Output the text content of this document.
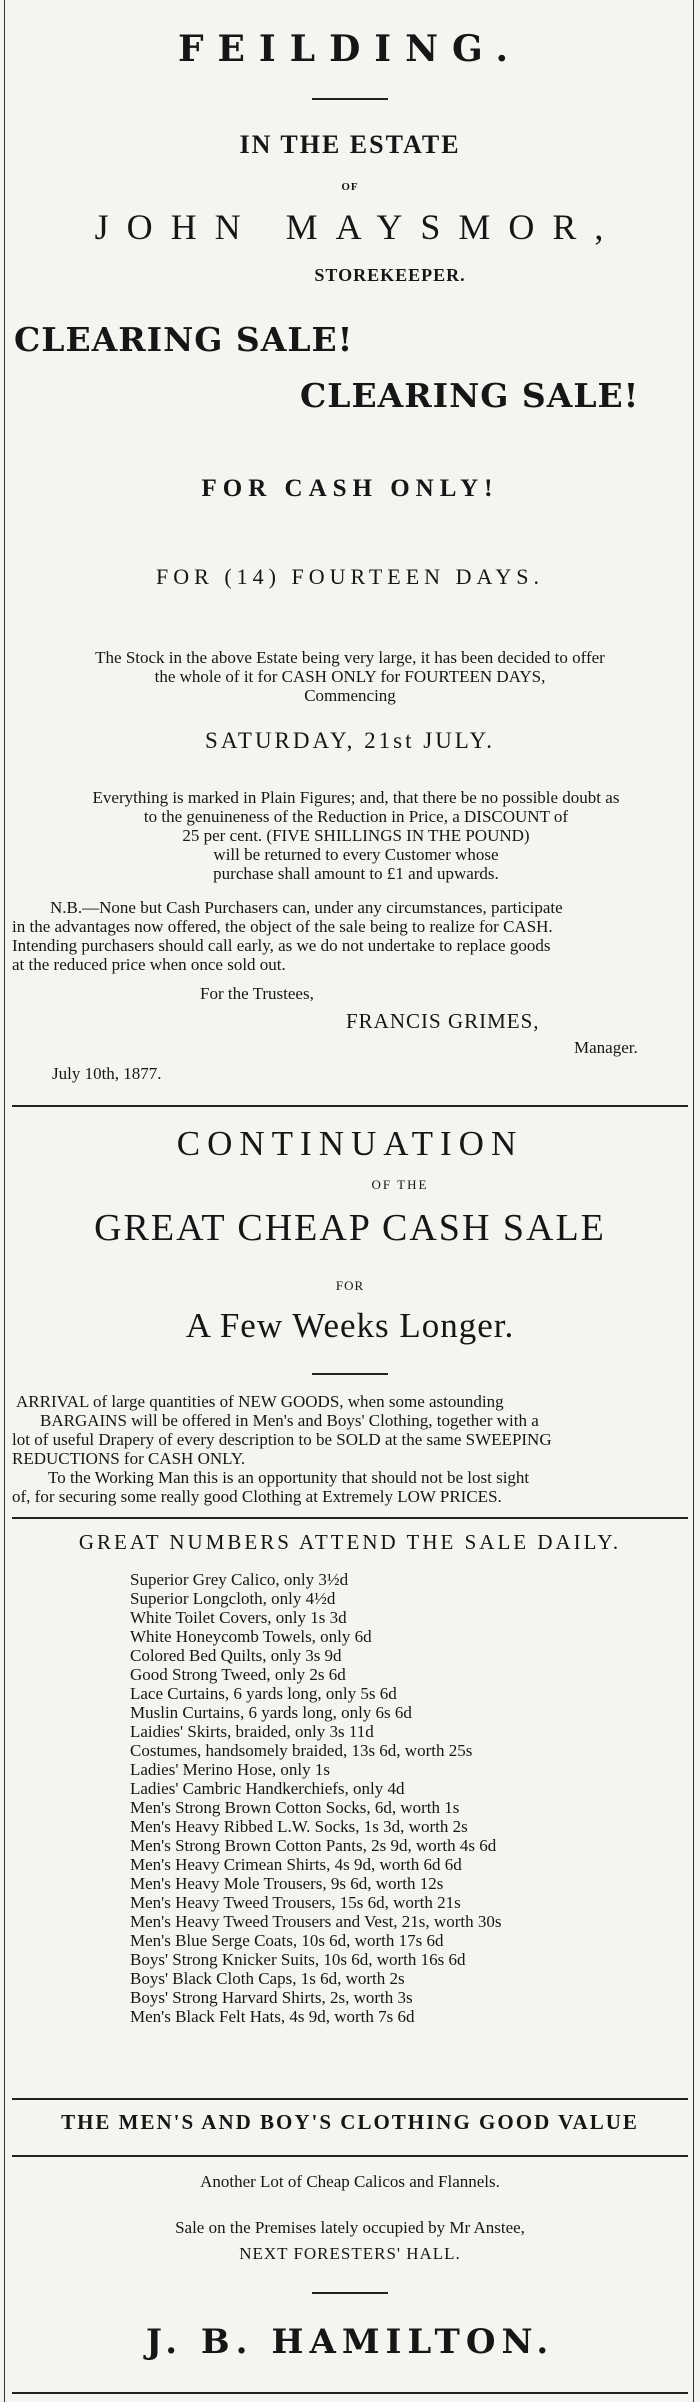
FEILDING.
IN THE ESTATE
OF
JOHN MAYSMOR,
STOREKEEPER.
CLEARING SALE!
CLEARING SALE!
FOR CASH ONLY!
FOR (14) FOURTEEN DAYS.
The Stock in the above Estate being very large, it has been decided to offer
the whole of it for CASH ONLY for FOURTEEN DAYS,
Commencing
SATURDAY, 21st JULY.
Everything is marked in Plain Figures; and, that there be no possible doubt as
to the genuineness of the Reduction in Price, a DISCOUNT of
25 per cent. (FIVE SHILLINGS IN THE POUND)
will be returned to every Customer whose
purchase shall amount to £1 and upwards.
N.B.—None but Cash Purchasers can, under any circumstances, participate
in the advantages now offered, the object of the sale being to realize for CASH.
Intending purchasers should call early, as we do not undertake to replace goods
at the reduced price when once sold out.
For the Trustees,
FRANCIS GRIMES,
Manager.
July 10th, 1877.
CONTINUATION
OF THE
GREAT CHEAP CASH SALE
FOR
A Few Weeks Longer.
ARRIVAL of large quantities of NEW GOODS, when some astounding
BARGAINS will be offered in Men's and Boys' Clothing, together with a
lot of useful Drapery of every description to be SOLD at the same SWEEPING
REDUCTIONS for CASH ONLY.
To the Working Man this is an opportunity that should not be lost sight
of, for securing some really good Clothing at Extremely LOW PRICES.
GREAT NUMBERS ATTEND THE SALE DAILY.
Superior Grey Calico, only 3½d
Superior Longcloth, only 4½d
White Toilet Covers, only 1s 3d
White Honeycomb Towels, only 6d
Colored Bed Quilts, only 3s 9d
Good Strong Tweed, only 2s 6d
Lace Curtains, 6 yards long, only 5s 6d
Muslin Curtains, 6 yards long, only 6s 6d
Laidies' Skirts, braided, only 3s 11d
Costumes, handsomely braided, 13s 6d, worth 25s
Ladies' Merino Hose, only 1s
Ladies' Cambric Handkerchiefs, only 4d
Men's Strong Brown Cotton Socks, 6d, worth 1s
Men's Heavy Ribbed L.W. Socks, 1s 3d, worth 2s
Men's Strong Brown Cotton Pants, 2s 9d, worth 4s 6d
Men's Heavy Crimean Shirts, 4s 9d, worth 6d 6d
Men's Heavy Mole Trousers, 9s 6d, worth 12s
Men's Heavy Tweed Trousers, 15s 6d, worth 21s
Men's Heavy Tweed Trousers and Vest, 21s, worth 30s
Men's Blue Serge Coats, 10s 6d, worth 17s 6d
Boys' Strong Knicker Suits, 10s 6d, worth 16s 6d
Boys' Black Cloth Caps, 1s 6d, worth 2s
Boys' Strong Harvard Shirts, 2s, worth 3s
Men's Black Felt Hats, 4s 9d, worth 7s 6d
THE MEN'S AND BOY'S CLOTHING GOOD VALUE
Another Lot of Cheap Calicos and Flannels.
Sale on the Premises lately occupied by Mr Anstee,
NEXT FORESTERS' HALL.
J. B. HAMILTON.
